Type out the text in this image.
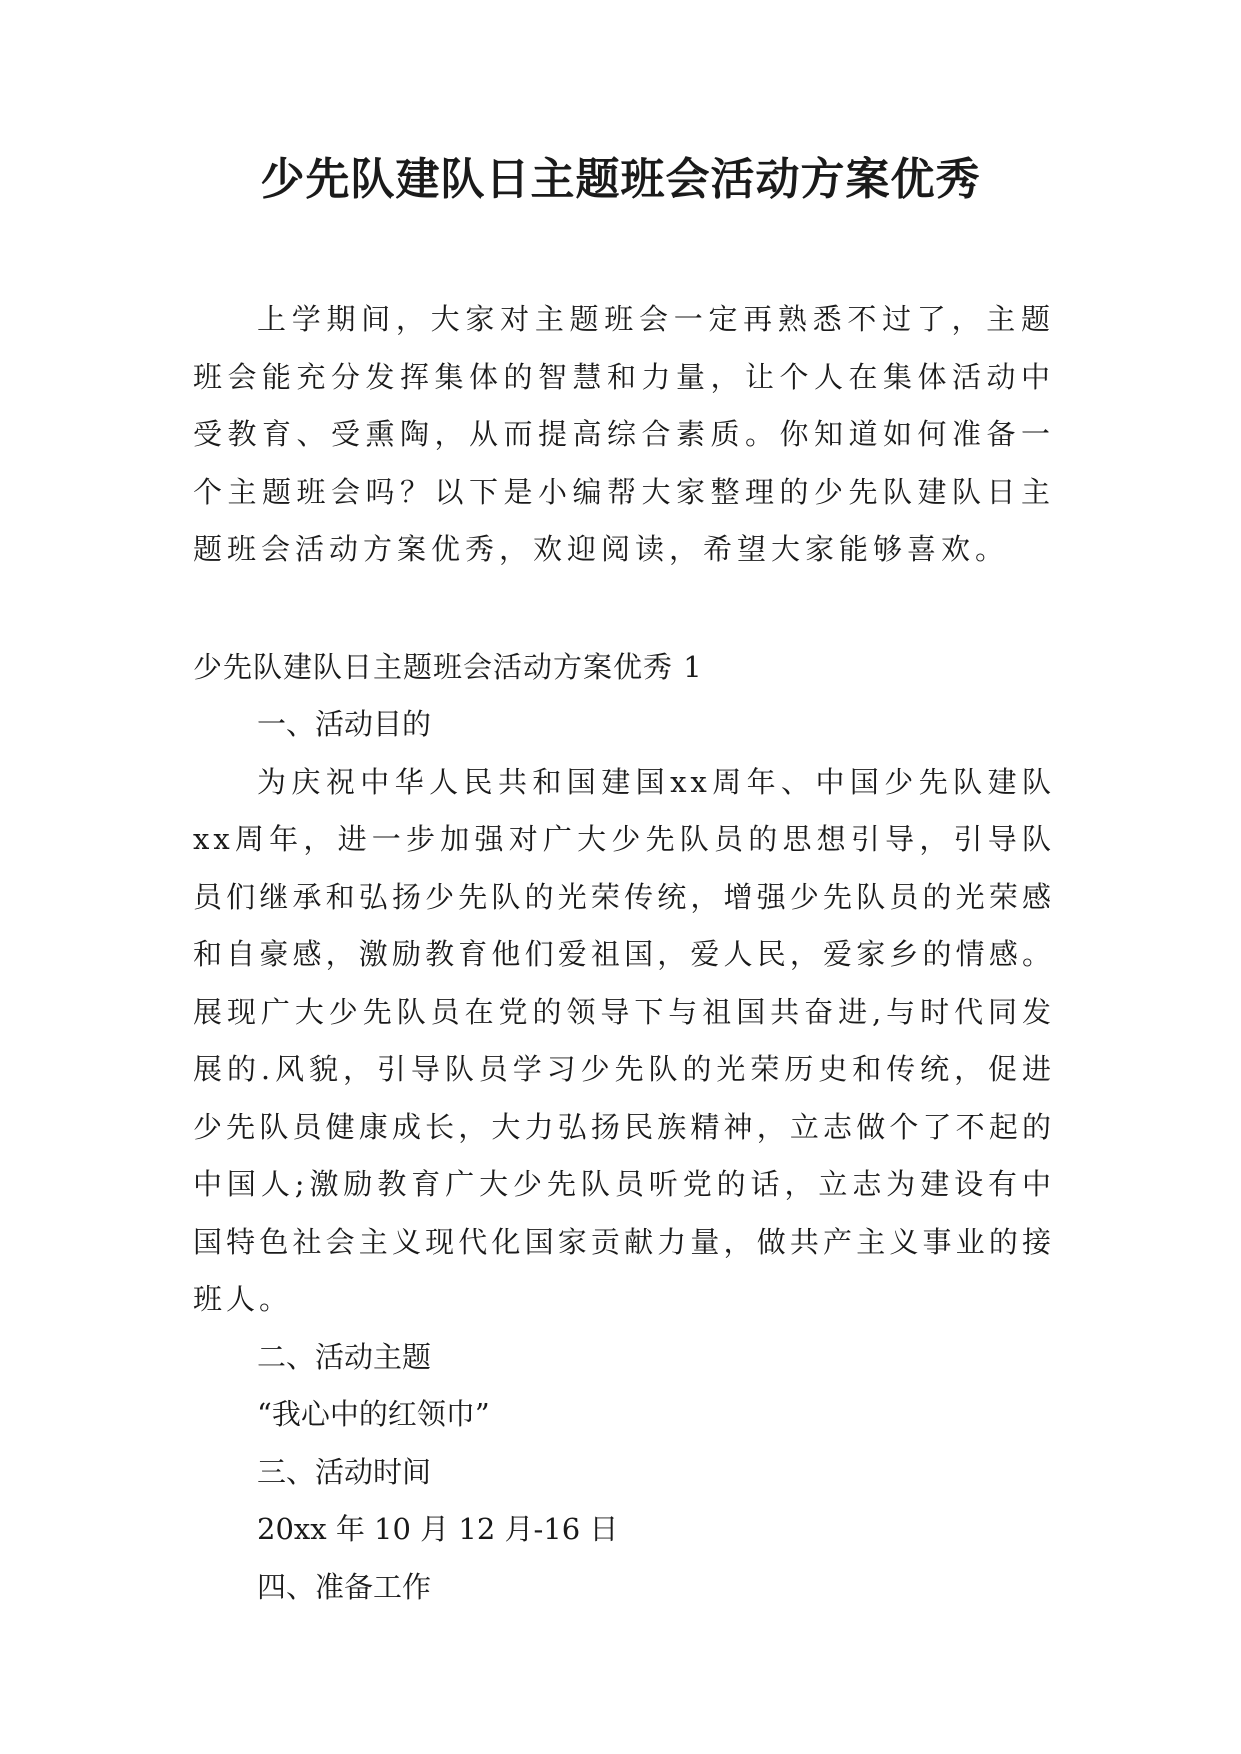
少先队建队日主题班会活动方案优秀

上学期间，大家对主题班会一定再熟悉不过了，主题班会能充分发挥集体的智慧和力量，让个人在集体活动中受教育、受熏陶，从而提高综合素质。你知道如何准备一个主题班会吗？以下是小编帮大家整理的少先队建队日主题班会活动方案优秀，欢迎阅读，希望大家能够喜欢。

少先队建队日主题班会活动方案优秀 1

一、活动目的

为庆祝中华人民共和国建国xx周年、中国少先队建队xx周年，进一步加强对广大少先队员的思想引导，引导队员们继承和弘扬少先队的光荣传统，增强少先队员的光荣感和自豪感，激励教育他们爱祖国，爱人民，爱家乡的情感。展现广大少先队员在党的领导下与祖国共奋进,与时代同发展的.风貌，引导队员学习少先队的光荣历史和传统，促进少先队员健康成长，大力弘扬民族精神，立志做个了不起的中国人;激励教育广大少先队员听党的话，立志为建设有中国特色社会主义现代化国家贡献力量，做共产主义事业的接班人。

二、活动主题

“我心中的红领巾”

三、活动时间

20xx 年 10 月 12 月-16 日

四、准备工作
